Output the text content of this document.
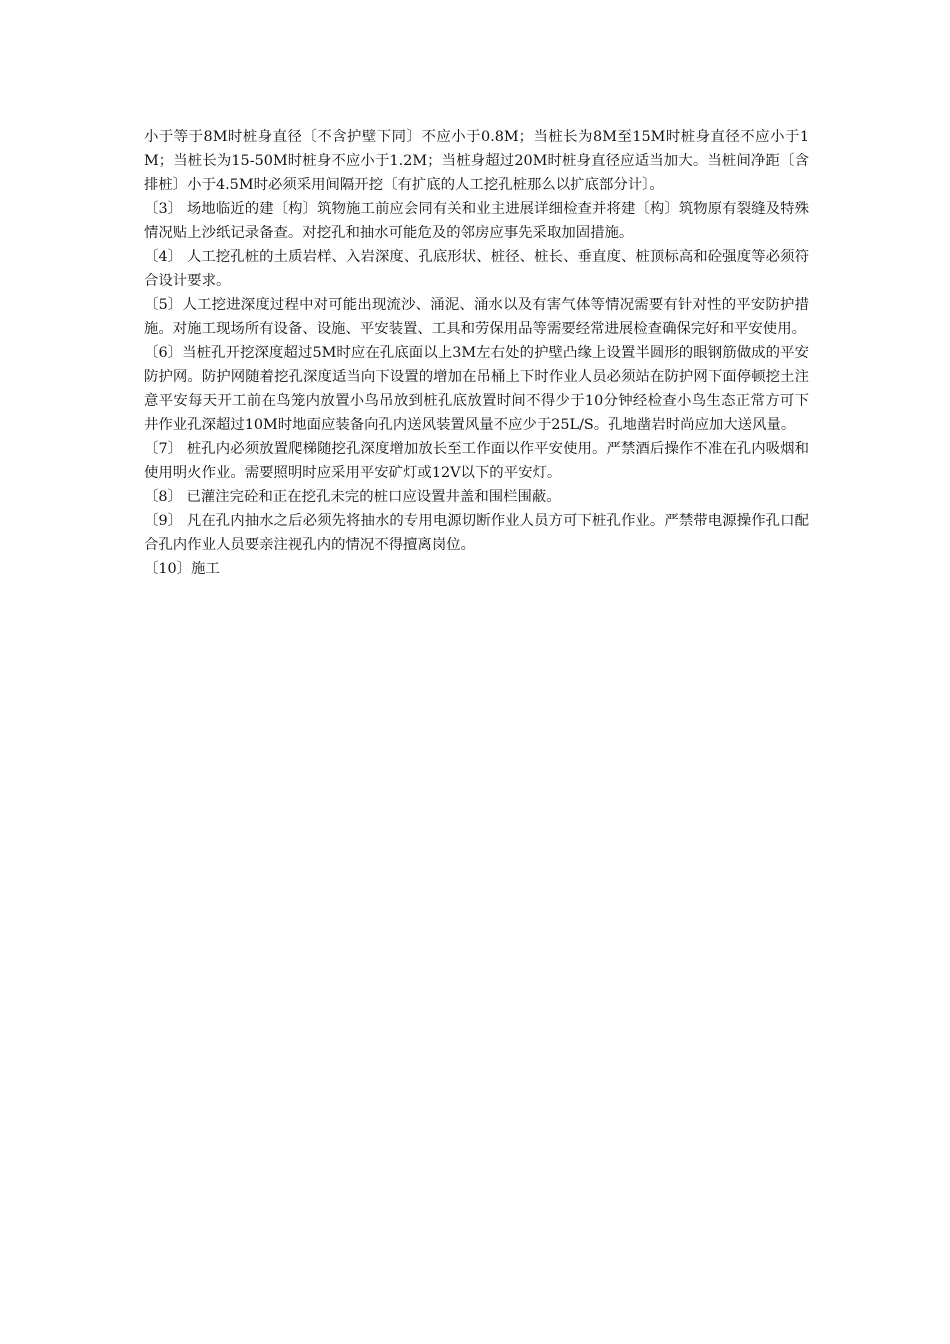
小于等于8M时桩身直径〔不含护壁下同〕不应小于0.8M；当桩长为8M至15M时桩身直径不应小于1M；当桩长为15-50M时桩身不应小于1.2M；当桩身超过20M时桩身直径应适当加大。当桩间净距〔含排桩〕小于4.5M时必须采用间隔开挖〔有扩底的人工挖孔桩那么以扩底部分计〕。

〔3〕 场地临近的建〔构〕筑物施工前应会同有关和业主进展详细检查并将建〔构〕筑物原有裂缝及特殊情况贴上沙纸记录备查。对挖孔和抽水可能危及的邻房应事先采取加固措施。

〔4〕 人工挖孔桩的土质岩样、入岩深度、孔底形状、桩径、桩长、垂直度、桩顶标高和砼强度等必须符合设计要求。

〔5〕人工挖进深度过程中对可能出现流沙、涌泥、涌水以及有害气体等情况需要有针对性的平安防护措施。对施工现场所有设备、设施、平安装置、工具和劳保用品等需要经常进展检查确保完好和平安使用。

〔6〕当桩孔开挖深度超过5M时应在孔底面以上3M左右处的护壁凸缘上设置半圆形的眼钢筋做成的平安防护网。防护网随着挖孔深度适当向下设置的增加在吊桶上下时作业人员必须站在防护网下面停顿挖土注意平安每天开工前在鸟笼内放置小鸟吊放到桩孔底放置时间不得少于10分钟经检查小鸟生态正常方可下井作业孔深超过10M时地面应装备向孔内送风装置风量不应少于25L/S。孔地凿岩时尚应加大送风量。

〔7〕 桩孔内必须放置爬梯随挖孔深度增加放长至工作面以作平安使用。严禁酒后操作不准在孔内吸烟和使用明火作业。需要照明时应采用平安矿灯或12V以下的平安灯。

〔8〕 已灌注完砼和正在挖孔未完的桩口应设置井盖和围栏围蔽。

〔9〕 凡在孔内抽水之后必须先将抽水的专用电源切断作业人员方可下桩孔作业。严禁带电源操作孔口配合孔内作业人员要亲注视孔内的情况不得擅离岗位。

〔10〕施工
